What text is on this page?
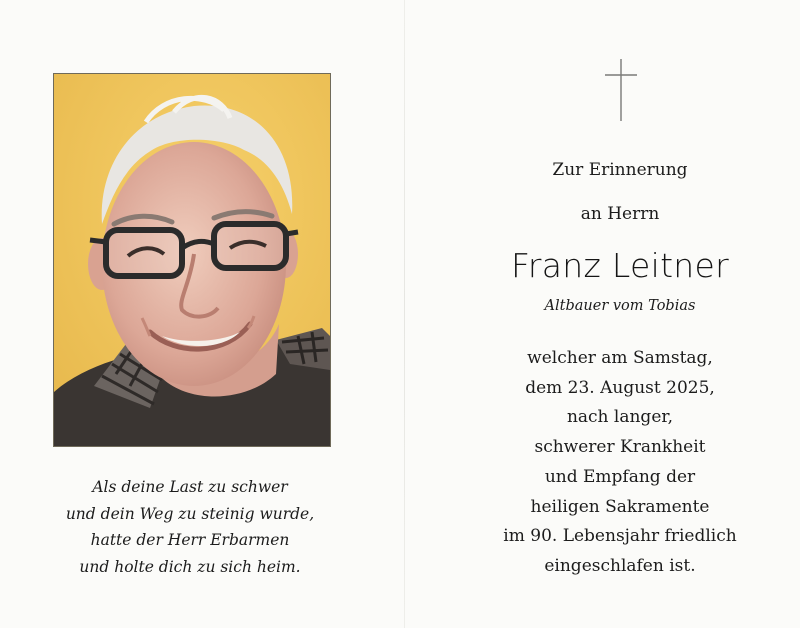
Als deine Last zu schwer
und dein Weg zu steinig wurde,
hatte der Herr Erbarmen
und holte dich zu sich heim.
Zur Erinnerung
an Herrn
Franz Leitner
Altbauer vom Tobias
welcher am Samstag,
dem 23. August 2025,
nach langer,
schwerer Krankheit
und Empfang der
heiligen Sakramente
im 90. Lebensjahr friedlich
eingeschlafen ist.
